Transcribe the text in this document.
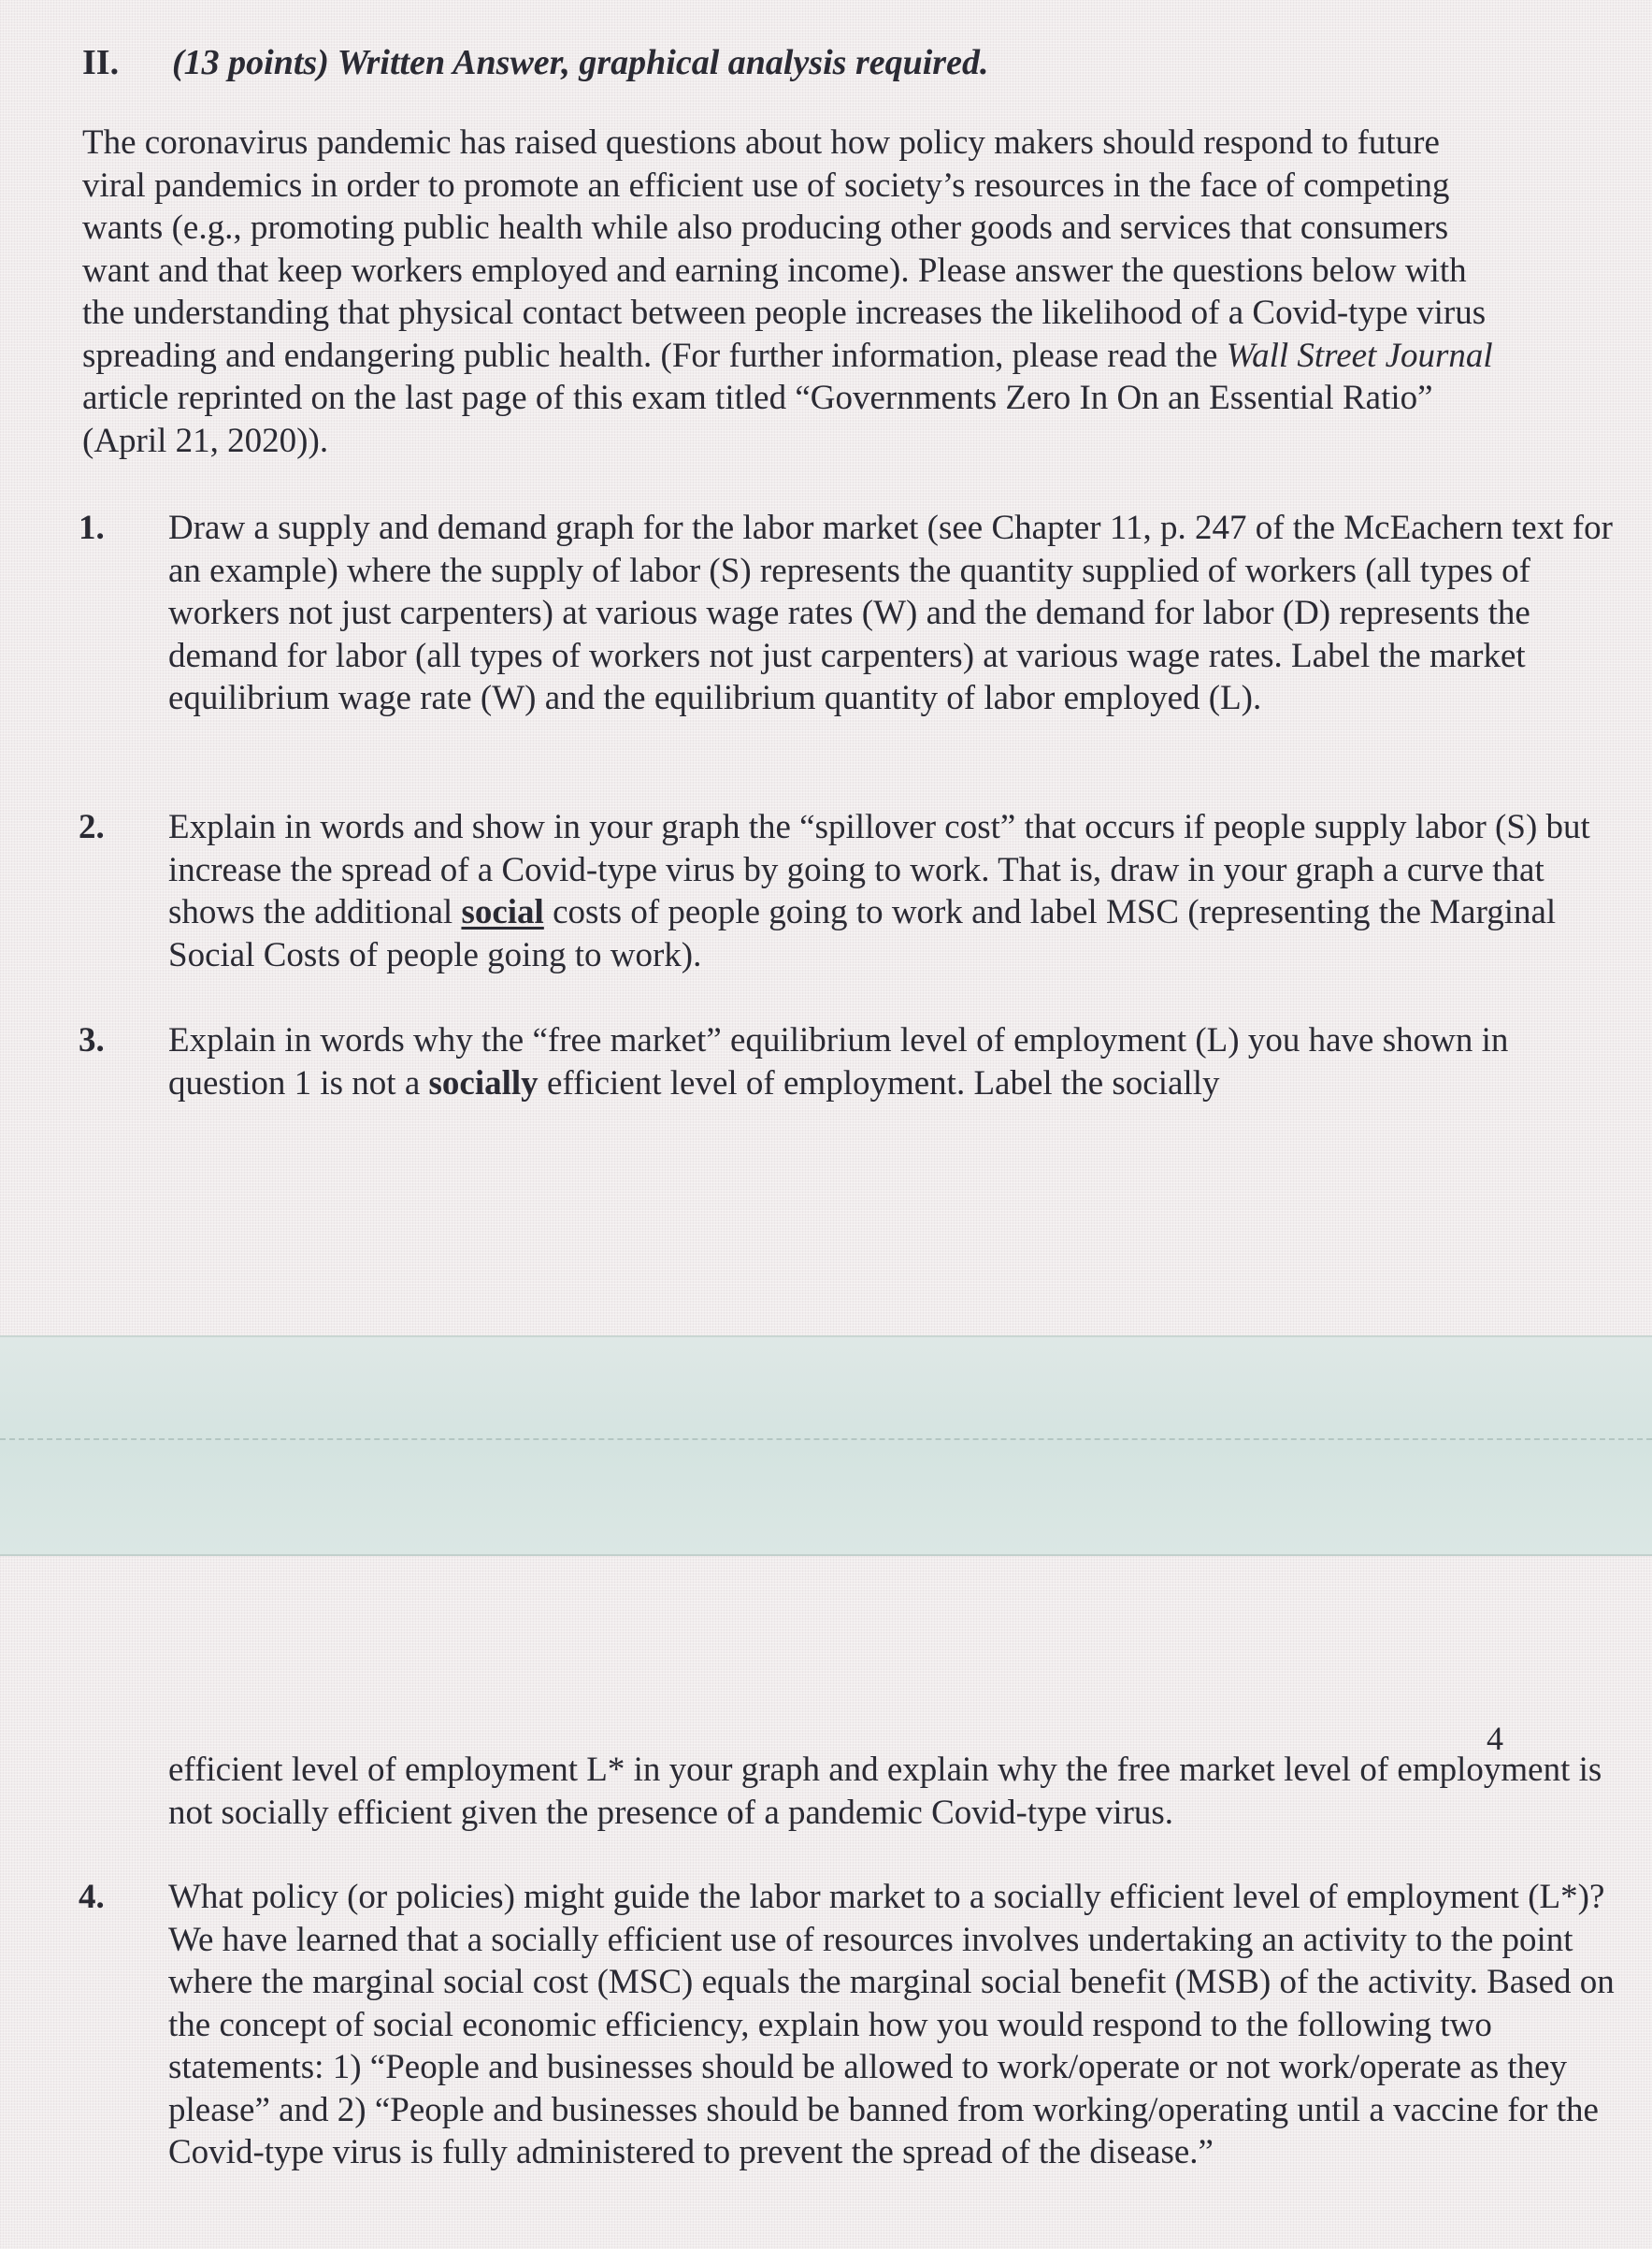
II. (13 points) Written Answer, graphical analysis required.

The coronavirus pandemic has raised questions about how policy makers should respond to future viral pandemics in order to promote an efficient use of society’s resources in the face of competing wants (e.g., promoting public health while also producing other goods and services that consumers want and that keep workers employed and earning income). Please answer the questions below with the understanding that physical contact between people increases the likelihood of a Covid-type virus spreading and endangering public health. (For further information, please read the Wall Street Journal article reprinted on the last page of this exam titled “Governments Zero In On an Essential Ratio” (April 21, 2020)).

1.	Draw a supply and demand graph for the labor market (see Chapter 11, p. 247 of the McEachern text for an example) where the supply of labor (S) represents the quantity supplied of workers (all types of workers not just carpenters) at various wage rates (W) and the demand for labor (D) represents the demand for labor (all types of workers not just carpenters) at various wage rates. Label the market equilibrium wage rate (W) and the equilibrium quantity of labor employed (L).
2.	Explain in words and show in your graph the “spillover cost” that occurs if people supply labor (S) but increase the spread of a Covid-type virus by going to work. That is, draw in your graph a curve that shows the additional social costs of people going to work and label MSC (representing the Marginal Social Costs of people going to work).
3.	Explain in words why the “free market” equilibrium level of employment (L) you have shown in question 1 is not a socially efficient level of employment. Label the socially
4
efficient level of employment L* in your graph and explain why the free market level of employment is not socially efficient given the presence of a pandemic Covid-type virus.
4.	What policy (or policies) might guide the labor market to a socially efficient level of employment (L*)? We have learned that a socially efficient use of resources involves undertaking an activity to the point where the marginal social cost (MSC) equals the marginal social benefit (MSB) of the activity. Based on the concept of social economic efficiency, explain how you would respond to the following two statements: 1) “People and businesses should be allowed to work/operate or not work/operate as they please” and 2) “People and businesses should be banned from working/operating until a vaccine for the Covid-type virus is fully administered to prevent the spread of the disease.”
